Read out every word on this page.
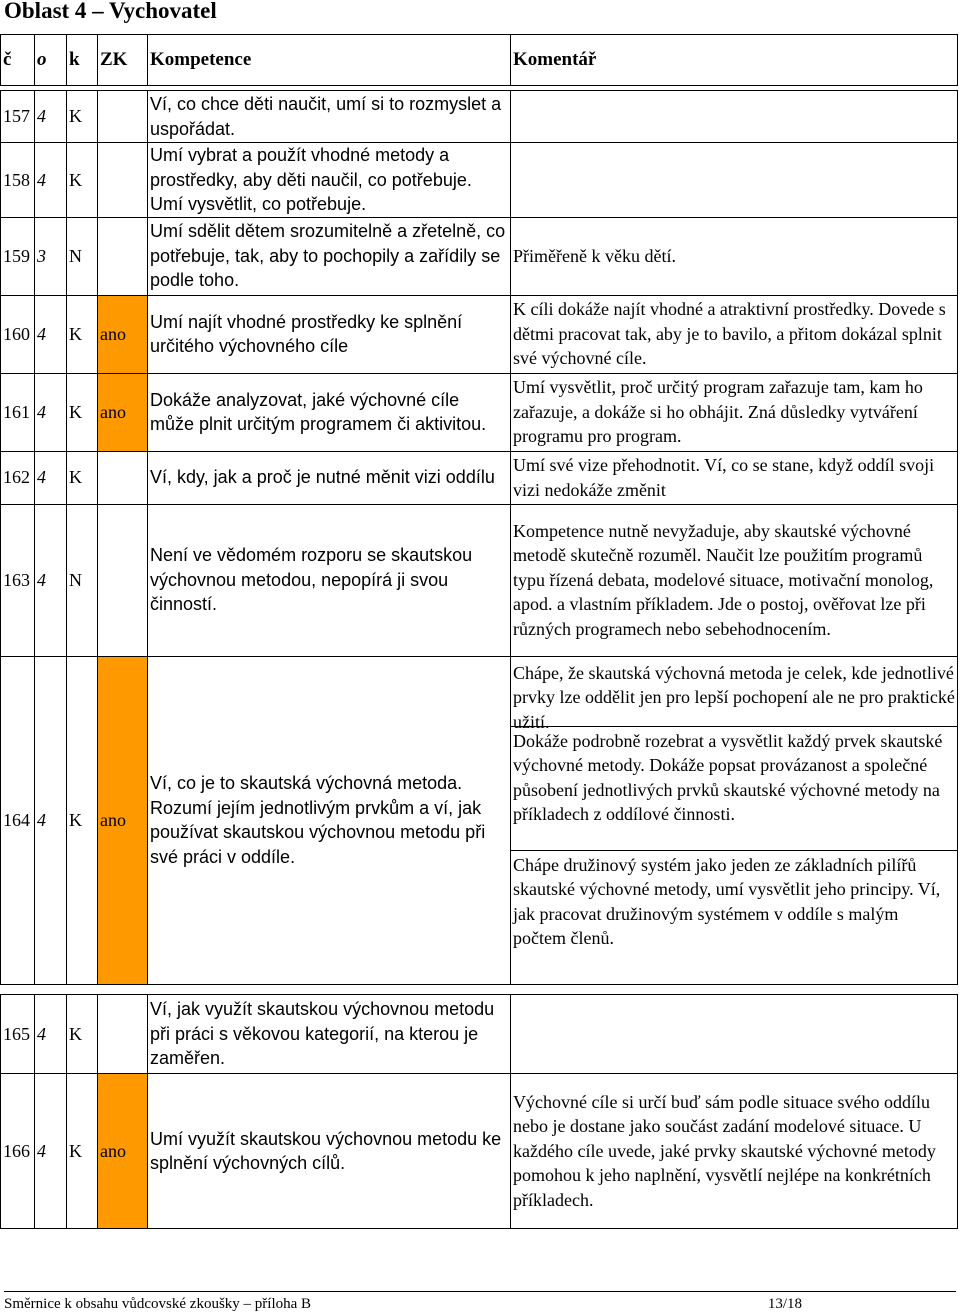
Oblast 4 – Vychovatel
č	o	k	ZK	Kompetence	Komentář
157	4	K		Ví, co chce děti naučit, umí si to rozmyslet a uspořádat.	
158	4	K		Umí vybrat a použít vhodné metody a prostředky, aby děti naučil, co potřebuje. Umí vysvětlit, co potřebuje.	
159	3	N		Umí sdělit dětem srozumitelně a zřetelně, co potřebuje, tak, aby to pochopily a zařídily se podle toho.	Přiměřeně k věku dětí.
160	4	K	ano	Umí najít vhodné prostředky ke splnění určitého výchovného cíle	K cíli dokáže najít vhodné a atraktivní prostředky. Dovede s dětmi pracovat tak, aby je to bavilo, a přitom dokázal splnit své výchovné cíle.
161	4	K	ano	Dokáže analyzovat, jaké výchovné cíle může plnit určitým programem či aktivitou.	Umí vysvětlit, proč určitý program zařazuje tam, kam ho zařazuje, a dokáže si ho obhájit. Zná důsledky vytváření programu pro program.
162	4	K		Ví, kdy, jak a proč je nutné měnit vizi oddílu	Umí své vize přehodnotit. Ví, co se stane, když oddíl svoji vizi nedokáže změnit
163	4	N		Není ve vědomém rozporu se skautskou výchovnou metodou, nepopírá ji svou činností.	Kompetence nutně nevyžaduje, aby skautské výchovné metodě skutečně rozuměl. Naučit lze použitím programů typu řízená debata, modelové situace, motivační monolog, apod. a vlastním příkladem. Jde o postoj, ověřovat lze při různých programech nebo sebehodnocením.
164	4	K	ano	Ví, co je to skautská výchovná metoda. Rozumí jejím jednotlivým prvkům a ví, jak používat skautskou výchovnou metodu při své práci v oddíle.	Chápe, že skautská výchovná metoda je celek, kde jednotlivé prvky lze oddělit jen pro lepší pochopení ale ne pro praktické užití.
Dokáže podrobně rozebrat a vysvětlit každý prvek skautské výchovné metody. Dokáže popsat provázanost a společné působení jednotlivých prvků skautské výchovné metody na příkladech z oddílové činnosti.
Chápe družinový systém jako jeden ze základních pilířů skautské výchovné metody, umí vysvětlit jeho principy. Ví, jak pracovat družinovým systémem v oddíle s malým počtem členů.
165	4	K		Ví, jak využít skautskou výchovnou metodu při práci s věkovou kategorií, na kterou je zaměřen.	
166	4	K	ano	Umí využít skautskou výchovnou metodu ke splnění výchovných cílů.	Výchovné cíle si určí buď sám podle situace svého oddílu nebo je dostane jako součást zadání modelové situace. U každého cíle uvede, jaké prvky skautské výchovné metody pomohou k jeho naplnění, vysvětlí nejlépe na konkrétních příkladech.
Směrnice k obsahu vůdcovské zkoušky – příloha B	13/18
